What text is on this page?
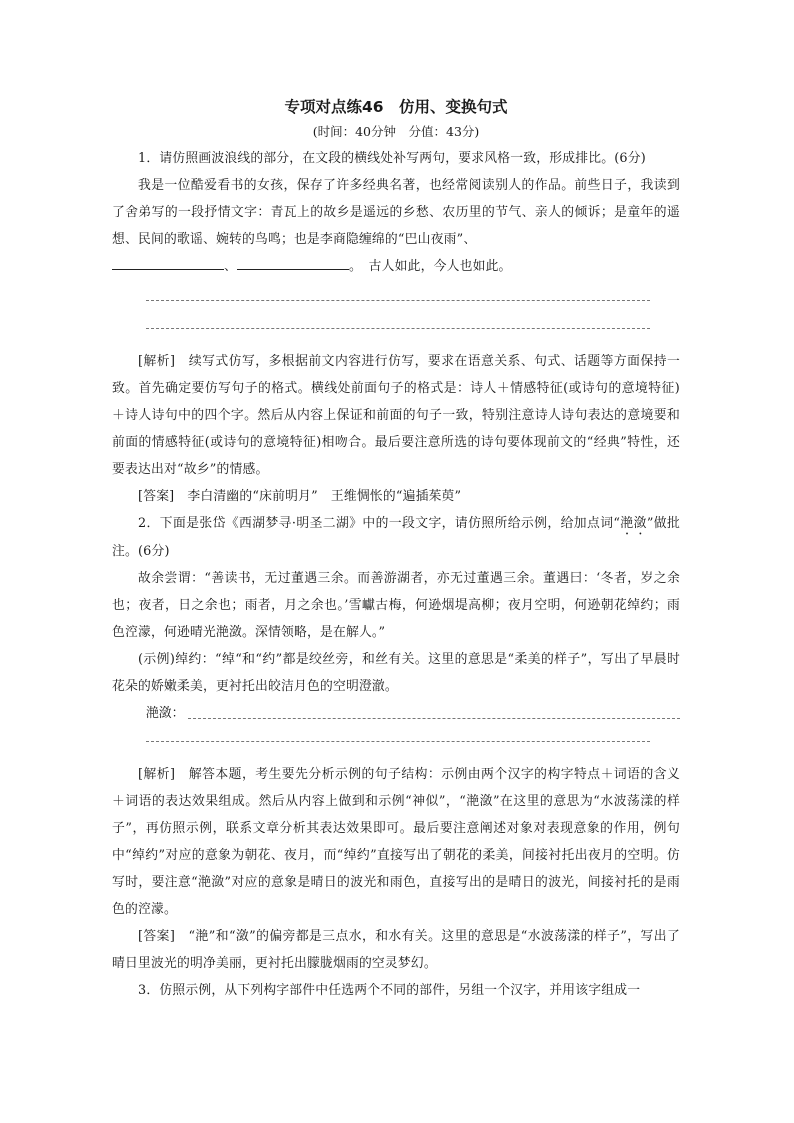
专项对点练46　仿用、变换句式
(时间：40分钟　分值：43分)

1．请仿照画波浪线的部分，在文段的横线处补写两句，要求风格一致，形成排比。(6分)

我是一位酷爱看书的女孩，保存了许多经典名著，也经常阅读别人的作品。前些日子，我读到了舍弟写的一段抒情文字：青瓦上的故乡是遥远的乡愁、农历里的节气、亲人的倾诉；是童年的遥想、民间的歌谣、婉转的鸟鸣；也是李商隐缠绵的“巴山夜雨”、
、	。　古人如此，今人也如此。

[解析]　 续写式仿写，多根据前文内容进行仿写，要求在语意关系、句式、话题等方面保持一致。首先确定要仿写句子的格式。横线处前面句子的格式是：诗人＋情感特征(或诗句的意境特征)＋诗人诗句中的四个字。然后从内容上保证和前面的句子一致，特别注意诗人诗句表达的意境要和前面的情感特征(或诗句的意境特征)相吻合。最后要注意所选的诗句要体现前文的“经典”特性，还要表达出对“故乡”的情感。

[答案]　 李白清幽的“床前明月”　王维惆怅的“遍插茱萸”

2．下面是张岱《西湖梦寻·明圣二湖》中的一段文字，请仿照所给示例，给加点词“滟潋”做批注。(6分)

故余尝谓：“善读书，无过董遇三余。而善游湖者，亦无过董遇三余。董遇曰：‘冬者，岁之余也；夜者，日之余也；雨者，月之余也。’雪巘古梅，何逊烟堤高柳；夜月空明，何逊朝花绰约；雨色涳濛，何逊晴光滟潋。深情领略，是在解人。”

(示例)绰约：“绰“和“约”都是绞丝旁，和丝有关。这里的意思是“柔美的样子”，写出了早晨时花朵的娇嫩柔美，更衬托出皎洁月色的空明澄澈。

滟潋：

[解析]　 解答本题，考生要先分析示例的句子结构：示例由两个汉字的构字特点＋词语的含义＋词语的表达效果组成。然后从内容上做到和示例“神似”，“滟潋”在这里的意思为“水波荡漾的样子”，再仿照示例，联系文章分析其表达效果即可。最后要注意阐述对象对表现意象的作用，例句中“绰约”对应的意象为朝花、夜月，而“绰约”直接写出了朝花的柔美，间接衬托出夜月的空明。仿写时，要注意“滟潋”对应的意象是晴日的波光和雨色，直接写出的是晴日的波光，间接衬托的是雨色的涳濛。

[答案]　 “滟”和“潋”的偏旁都是三点水，和水有关。这里的意思是“水波荡漾的样子”，写出了晴日里波光的明净美丽，更衬托出朦胧烟雨的空灵梦幻。

3．仿照示例，从下列构字部件中任选两个不同的部件，另组一个汉字，并用该字组成一
